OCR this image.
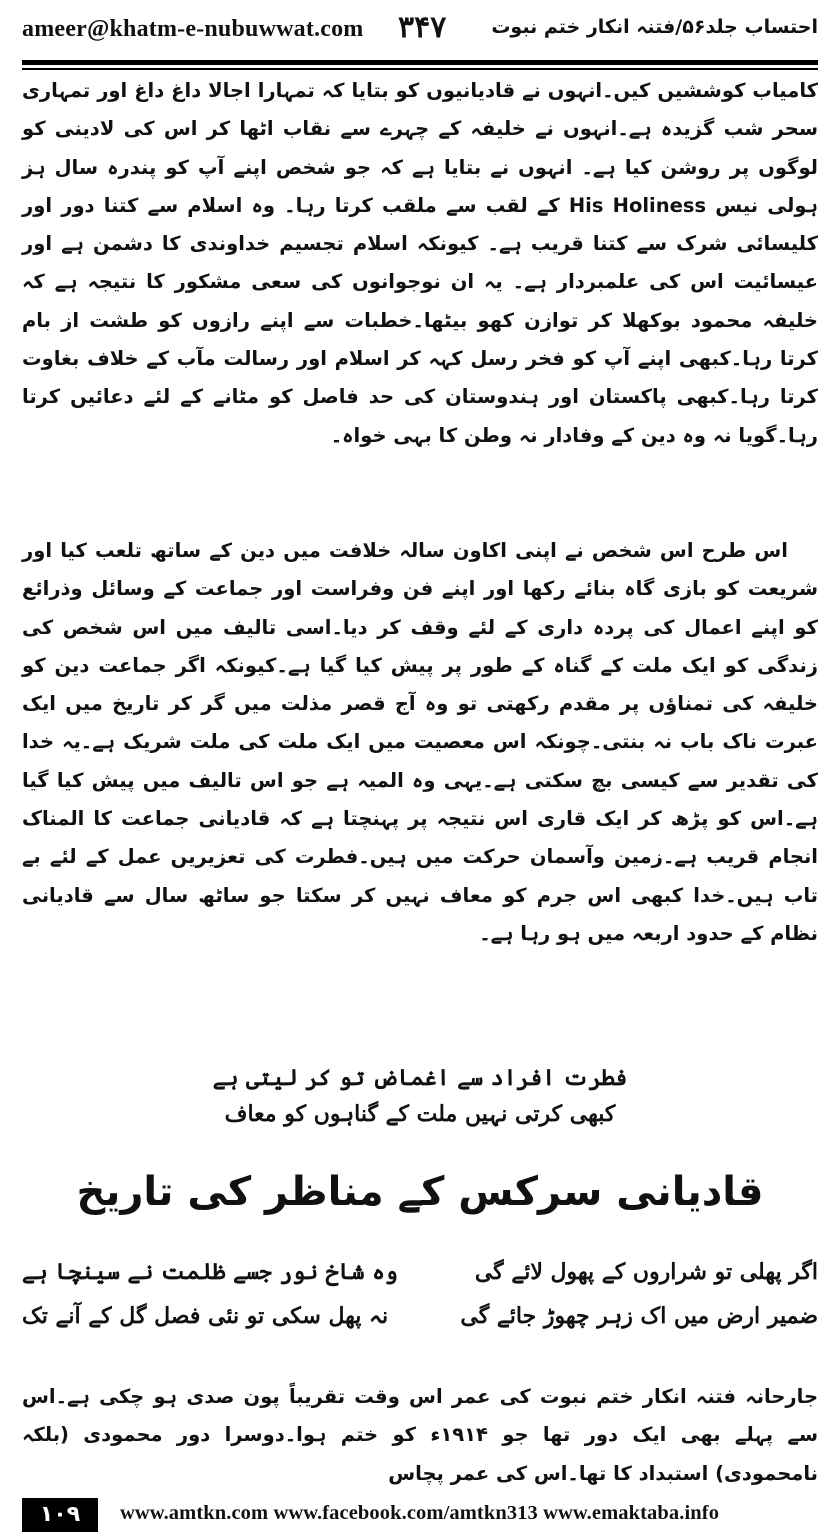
ameer@khatm-e-nubuwwat.com ۳۴۷ احتساب جلد۵۶/فتنہ انکار ختم نبوت
کامیاب کوششیں کیں۔انہوں نے قادیانیوں کو بتایا کہ تمہارا اجالا داغ داغ اور تمہاری سحر شب گزیدہ ہے۔انہوں نے خلیفہ کے چہرے سے نقاب اٹھا کر اس کی لادینی کو لوگوں پر روشن کیا ہے۔ انہوں نے بتایا ہے کہ جو شخص اپنے آپ کو پندرہ سال ہز ہولی نیس His Holiness کے لقب سے ملقب کرتا رہا۔ وہ اسلام سے کتنا دور اور کلیسائی شرک سے کتنا قریب ہے۔ کیونکہ اسلام تجسیم خداوندی کا دشمن ہے اور عیسائیت اس کی علمبردار ہے۔ یہ ان نوجوانوں کی سعی مشکور کا نتیجہ ہے کہ خلیفہ محمود بوکھلا کر توازن کھو بیٹھا۔خطبات سے اپنے رازوں کو طشت از بام کرتا رہا۔کبھی اپنے آپ کو فخر رسل کہہ کر اسلام اور رسالت مآب کے خلاف بغاوت کرتا رہا۔کبھی پاکستان اور ہندوستان کی حد فاصل کو مٹانے کے لئے دعائیں کرتا رہا۔گویا نہ وہ دین کے وفادار نہ وطن کا بہی خواہ۔
اس طرح اس شخص نے اپنی اکاون سالہ خلافت میں دین کے ساتھ تلعب کیا اور شریعت کو بازی گاہ بنائے رکھا اور اپنے فن وفراست اور جماعت کے وسائل وذرائع کو اپنے اعمال کی پردہ داری کے لئے وقف کر دیا۔اسی تالیف میں اس شخص کی زندگی کو ایک ملت کے گناہ کے طور پر پیش کیا گیا ہے۔کیونکہ اگر جماعت دین کو خلیفہ کی تمناؤں پر مقدم رکھتی تو وہ آج قصر مذلت میں گر کر تاریخ میں ایک عبرت ناک باب نہ بنتی۔چونکہ اس معصیت میں ایک ملت کی ملت شریک ہے۔یہ خدا کی تقدیر سے کیسی بچ سکتی ہے۔یہی وہ المیہ ہے جو اس تالیف میں پیش کیا گیا ہے۔اس کو پڑھ کر ایک قاری اس نتیجہ پر پہنچتا ہے کہ قادیانی جماعت کا المناک انجام قریب ہے۔زمین وآسمان حرکت میں ہیں۔فطرت کی تعزیریں عمل کے لئے بے تاب ہیں۔خدا کبھی اس جرم کو معاف نہیں کر سکتا جو ساٹھ سال سے قادیانی نظام کے حدود اربعہ میں ہو رہا ہے۔
فطرت افراد سے اغماض تو کر لیتی ہے
کبھی کرتی نہیں ملت کے گناہوں کو معاف
قادیانی سرکس کے مناظر کی تاریخ
اگر پھلی تو شراروں کے پھول لائے گی
وہ شاخ نور جسے ظلمت نے سینچا ہے
ضمیر ارض میں اک زہر چھوڑ جائے گی
نہ پھل سکی تو نئی فصل گل کے آنے تک
جارحانہ فتنہ انکار ختم نبوت کی عمر اس وقت تقریباً پون صدی ہو چکی ہے۔اس سے پہلے بھی ایک دور تھا جو ۱۹۱۴ء کو ختم ہوا۔دوسرا دور محمودی (بلکہ نامحمودی) استبداد کا تھا۔اس کی عمر پچاس
۱۰۹	www.amtkn.com www.facebook.com/amtkn313 www.emaktaba.info
